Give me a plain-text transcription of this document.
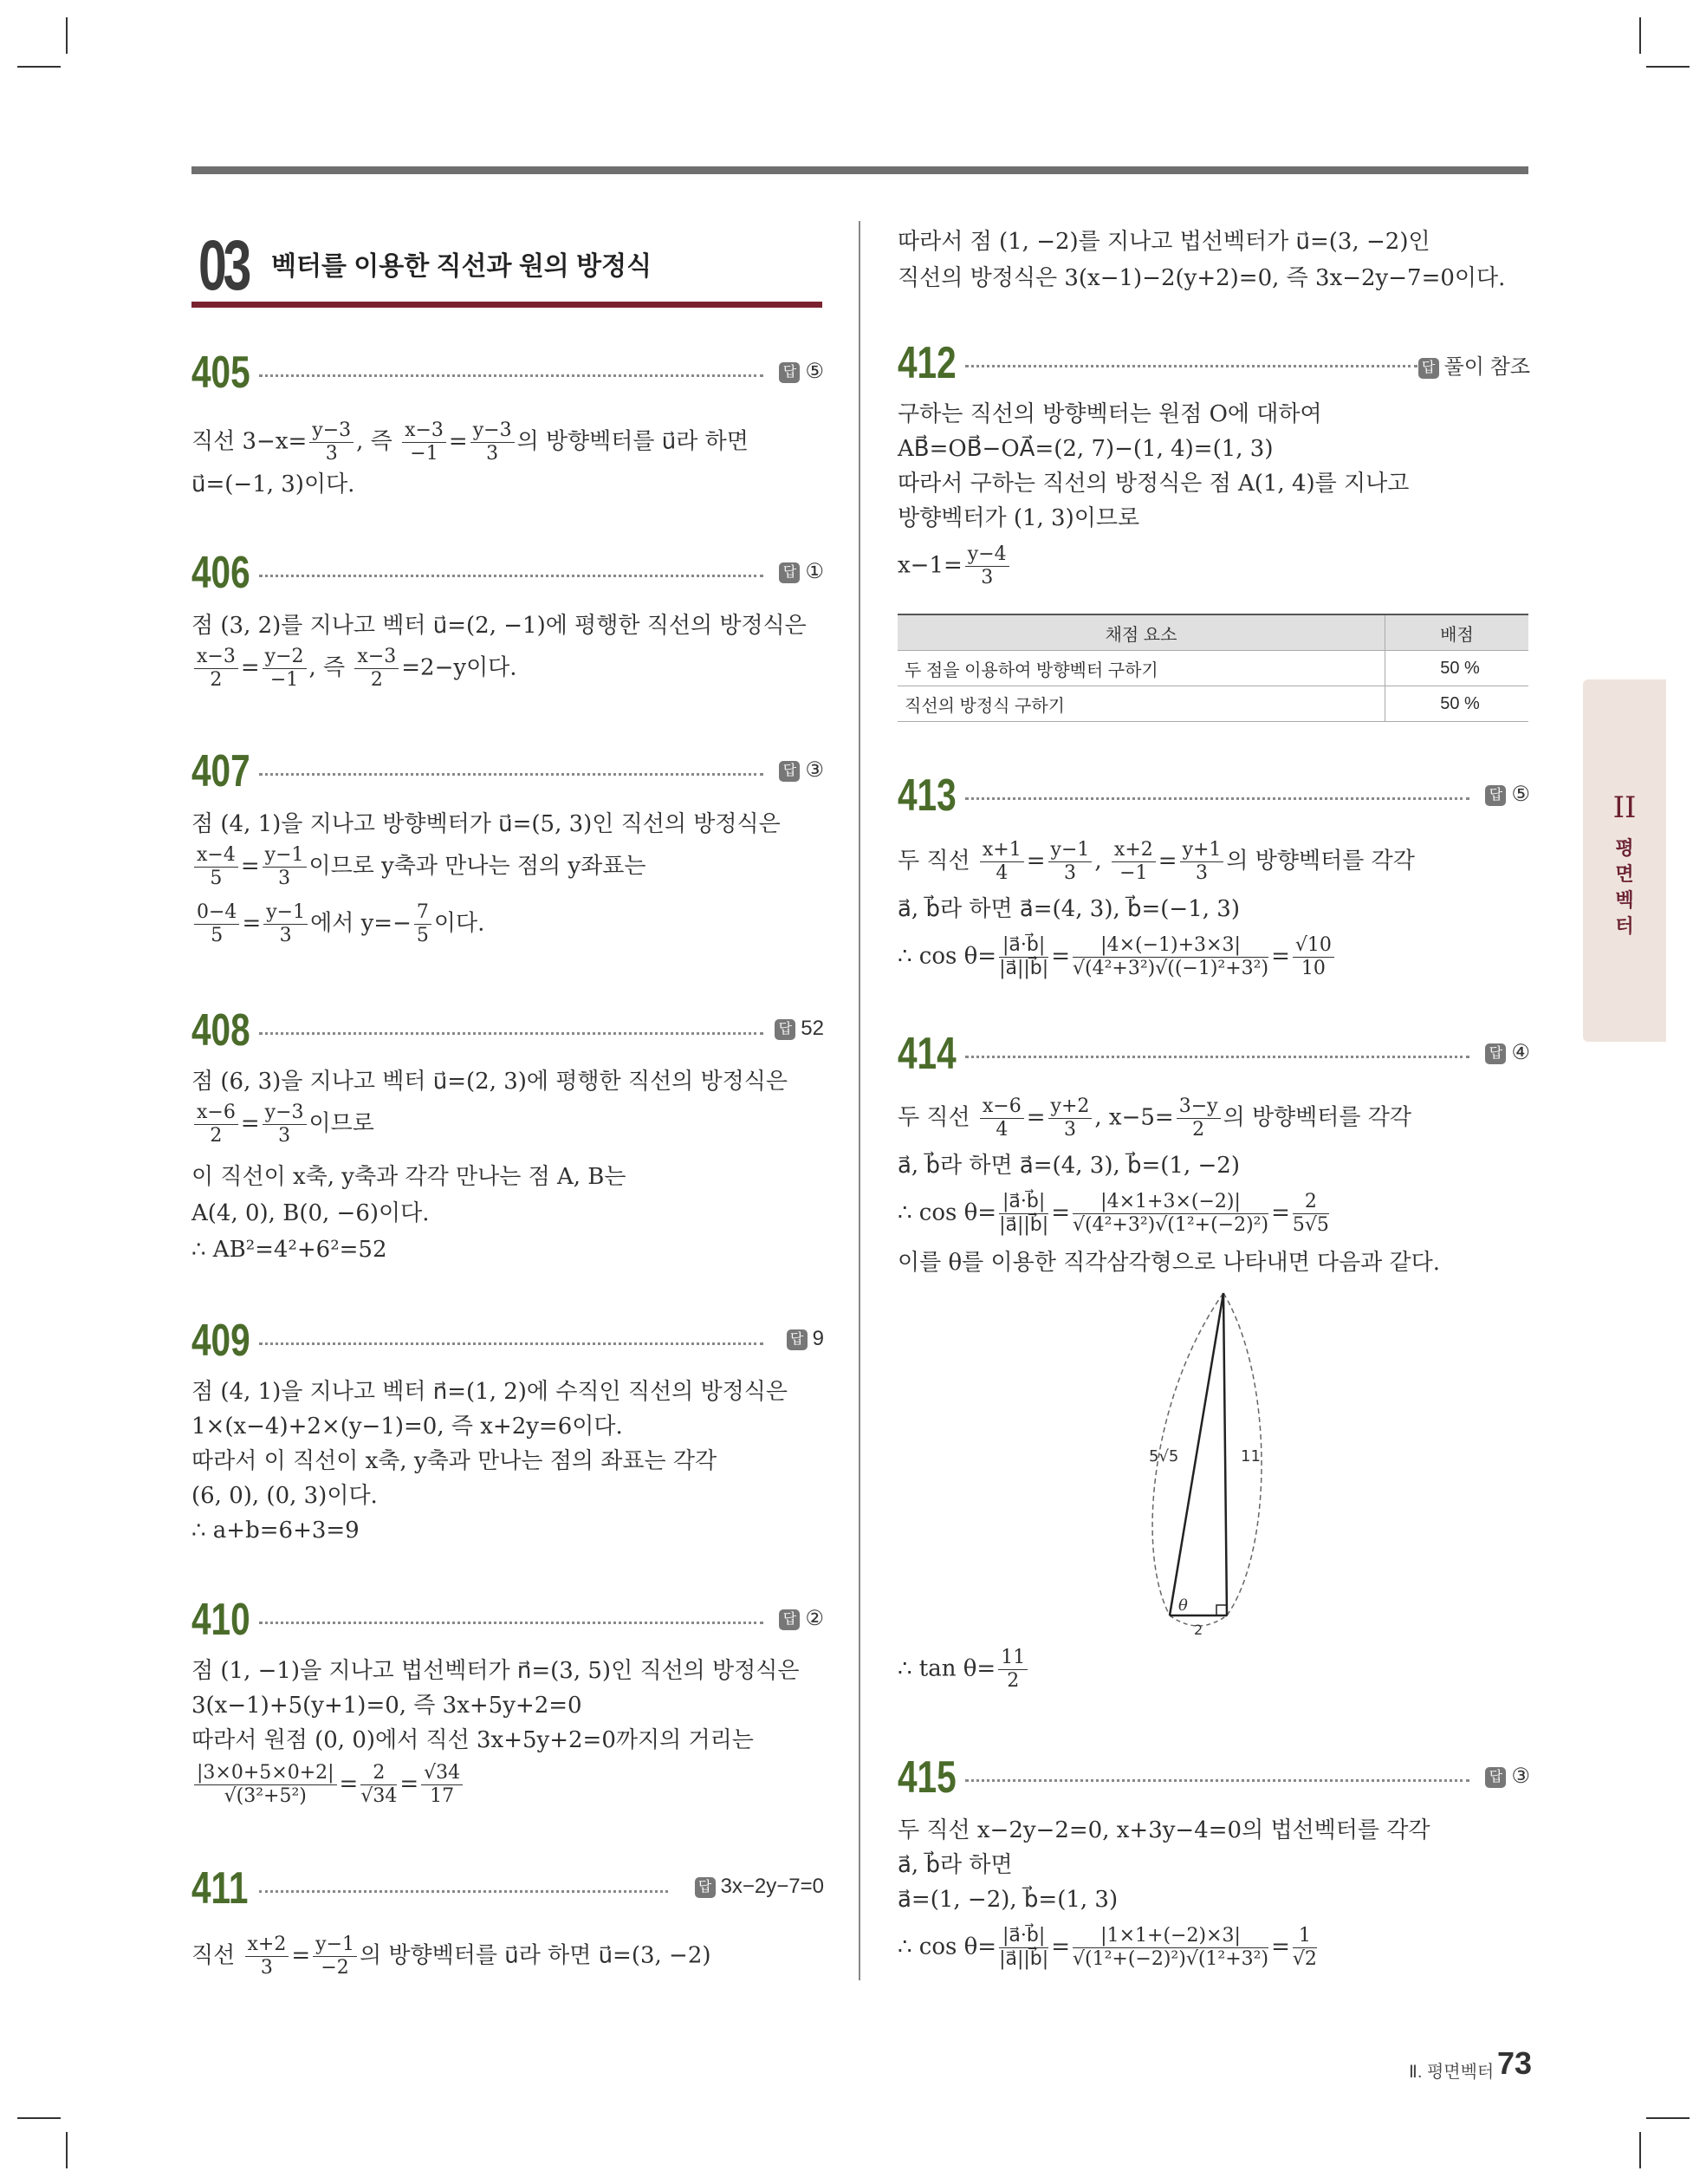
03 벡터를 이용한 직선과 원의 방정식
405	답 ⑤
직선 $3-x= \frac{y-3}{3}$ , 즉 $\frac{x-3}{-1} = \frac{y-3}{3}$ 의 방향벡터를 u⃗라 하면
u⃗=(−1, 3)이다.
406	답 ①
점 (3, 2)를 지나고 벡터 u⃗=(2, −1)에 평행한 직선의 방정식은
$\frac{x-3}{2} = \frac{y-2}{-1}$ , 즉 $\frac{x-3}{2} =2-y$이다.
407	답 ③
점 (4, 1)을 지나고 방향벡터가 u⃗=(5, 3)인 직선의 방정식은
$\frac{x-4}{5} = \frac{y-1}{3}$ 이므로 y축과 만나는 점의 y좌표는
$\frac{0-4}{5} = \frac{y-1}{3}$ 에서 $y=- \frac{7}{5}$ 이다.
408	답 52
점 (6, 3)을 지나고 벡터 u⃗=(2, 3)에 평행한 직선의 방정식은
$\frac{x-6}{2} = \frac{y-3}{3}$ 이므로
이 직선이 x축, y축과 각각 만나는 점 A, B는
A(4, 0), B(0, −6)이다.
∴ AB²=4²+6²=52
409	답 9
점 (4, 1)을 지나고 벡터 n⃗=(1, 2)에 수직인 직선의 방정식은
1×(x−4)+2×(y−1)=0, 즉 x+2y=6이다.
따라서 이 직선이 x축, y축과 만나는 점의 좌표는 각각
(6, 0), (0, 3)이다.
∴ a+b=6+3=9
410	답 ②
점 (1, −1)을 지나고 법선벡터가 n⃗=(3, 5)인 직선의 방정식은
3(x−1)+5(y+1)=0, 즉 3x+5y+2=0
따라서 원점 (0, 0)에서 직선 3x+5y+2=0까지의 거리는
$\frac{|3\times 0+5\times 0+2|}{\text{√(3²+5²)}} = \frac{2}{√34} = \frac{√34}{17}$
411	답 3x−2y−7=0
직선 $\frac{x+2}{3} = \frac{y-1}{-2}$ 의 방향벡터를 u⃗라 하면 u⃗=(3, −2)
따라서 점 (1, −2)를 지나고 법선벡터가 u⃗=(3, −2)인
직선의 방정식은 3(x−1)−2(y+2)=0, 즉 3x−2y−7=0이다.
412	답 풀이 참조
구하는 직선의 방향벡터는 원점 O에 대하여
AB⃗=OB⃗−OA⃗=(2, 7)−(1, 4)=(1, 3)
따라서 구하는 직선의 방정식은 점 A(1, 4)를 지나고
방향벡터가 (1, 3)이므로
$x-1= \frac{y-4}{3}$
채점 요소	배점
두 점을 이용하여 방향벡터 구하기	50 %
직선의 방정식 구하기	50 %
413	답 ⑤
두 직선 $\frac{x+1}{4} = \frac{y-1}{3}$ , $\frac{x+2}{-1} = \frac{y+1}{3}$ 의 방향벡터를 각각
a⃗, b⃗라 하면 a⃗=(4, 3), b⃗=(−1, 3)
∴ $\cos \theta= \frac{|a⃗\cdot b⃗|}{|a⃗||b⃗|} = \frac{|4\times(-1)+3\times 3|}{\text{√(4²+3²)√((−1)²+3²)}} = \frac{√10}{10}$
414	답 ④
두 직선 $\frac{x-6}{4} = \frac{y+2}{3}$ , $x-5= \frac{3-y}{2}$ 의 방향벡터를 각각
a⃗, b⃗라 하면 a⃗=(4, 3), b⃗=(1, −2)
∴ $\cos \theta= \frac{|a⃗\cdot b⃗|}{|a⃗||b⃗|} = \frac{|4\times 1+3\times(-2)|}{\text{√(4²+3²)√(1²+(−2)²)}} = \frac{2}{5√5}$
이를 θ를 이용한 직각삼각형으로 나타내면 다음과 같다.
∴ $\tan \theta= \frac{11}{2}$
5√5	11
2
θ
415	답 ③
두 직선 x−2y−2=0, x+3y−4=0의 법선벡터를 각각
a⃗, b⃗라 하면
a⃗=(1, −2), b⃗=(1, 3)
∴ $\cos \theta= \frac{|a⃗\cdot b⃗|}{|a⃗||b⃗|} = \frac{|1\times 1+(-2)\times 3|}{\text{√(1²+(−2)²)√(1²+3²)}} = \frac{1}{√2}$
II
평
면
벡
터
Ⅱ. 평면벡터 73
